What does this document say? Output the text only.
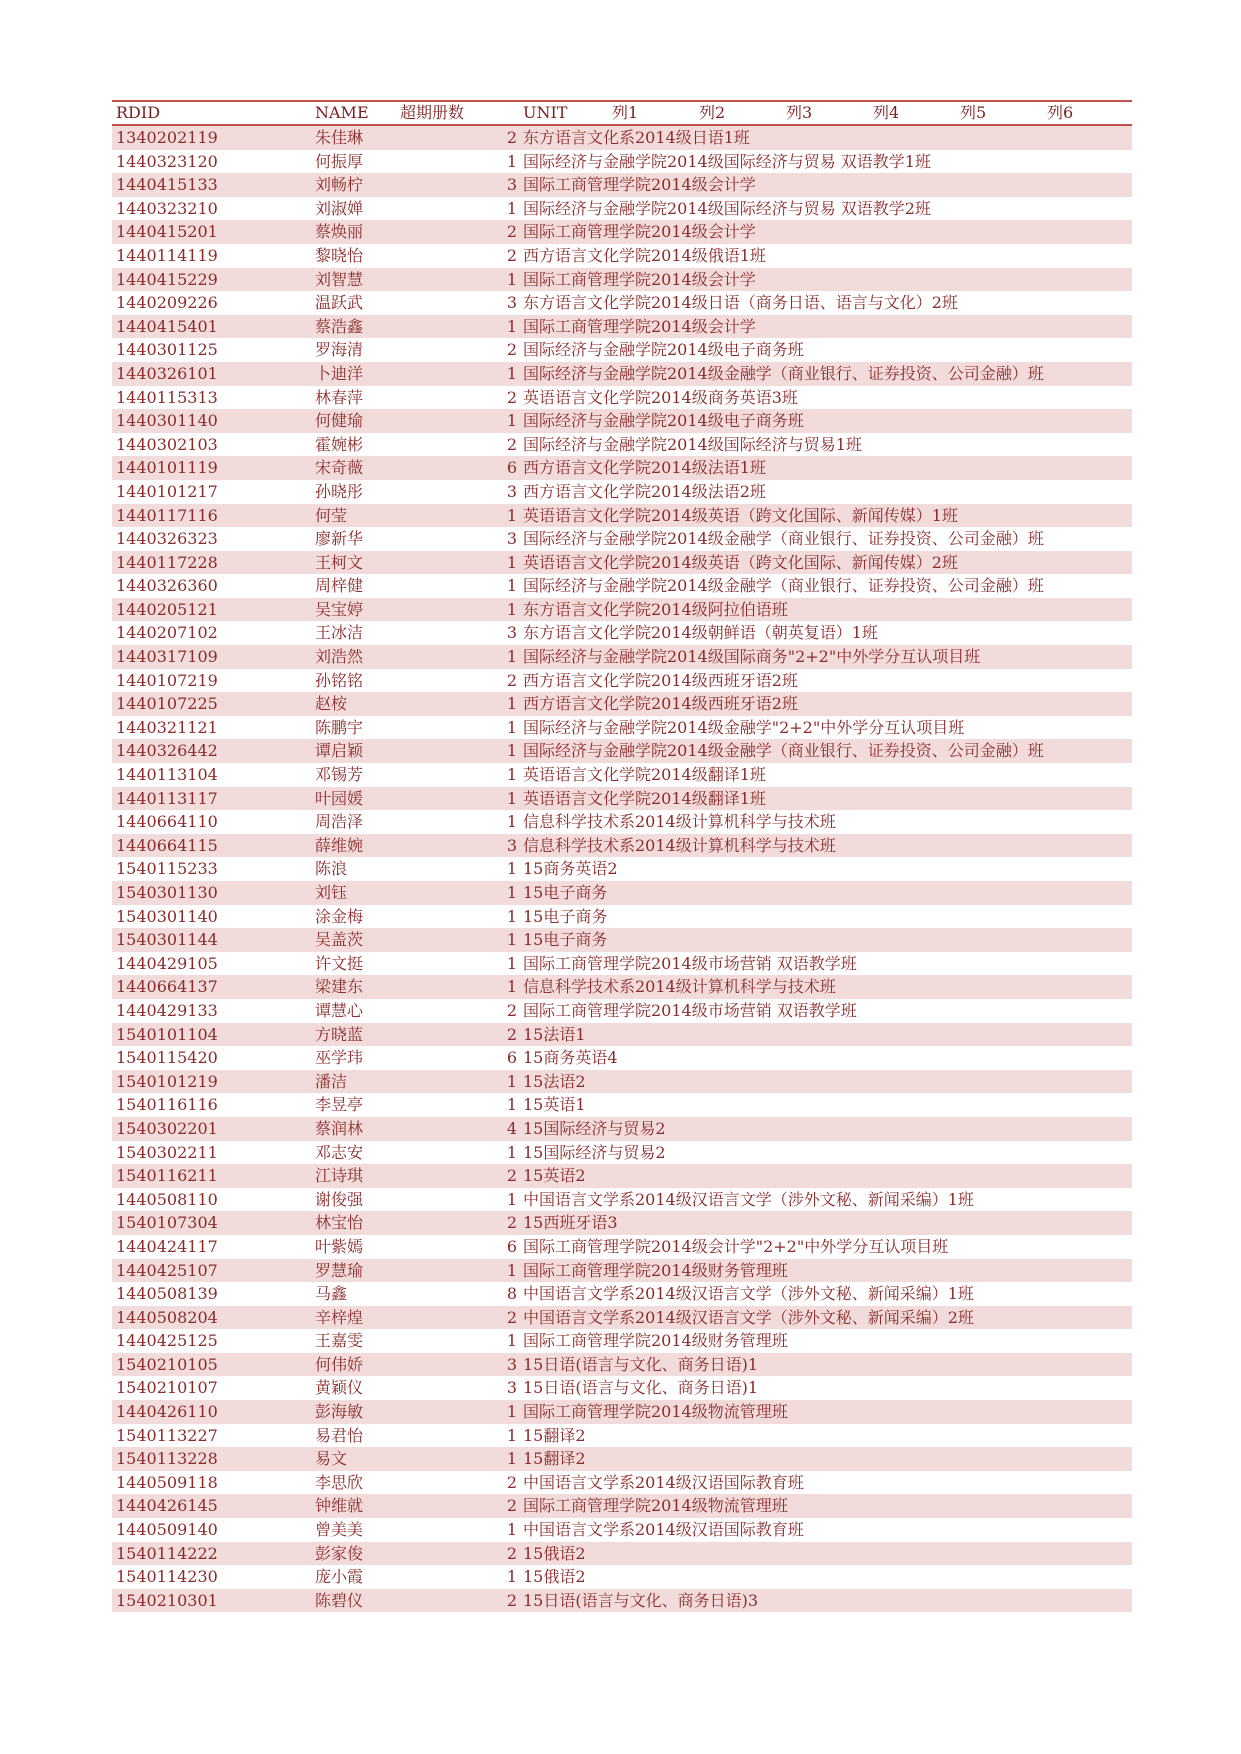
RDID	NAME 超期册数	UNIT	列1	列2	列3	列4	列5	列6
1340202119	朱佳琳	2 东方语言文化系2014级日语1班
1440323120	何振厚	1 国际经济与金融学院2014级国际经济与贸易 双语教学1班
1440415133	刘畅柠	3 国际工商管理学院2014级会计学
1440323210	刘淑婵	1 国际经济与金融学院2014级国际经济与贸易 双语教学2班
1440415201	蔡焕丽	2 国际工商管理学院2014级会计学
1440114119	黎晓怡	2 西方语言文化学院2014级俄语1班
1440415229	刘智慧	1 国际工商管理学院2014级会计学
1440209226	温跃武	3 东方语言文化学院2014级日语（商务日语、语言与文化）2班
1440415401	蔡浩鑫	1 国际工商管理学院2014级会计学
1440301125	罗海清	2 国际经济与金融学院2014级电子商务班
1440326101	卜迪洋	1 国际经济与金融学院2014级金融学（商业银行、证券投资、公司金融）班
1440115313	林春萍	2 英语语言文化学院2014级商务英语3班
1440301140	何健瑜	1 国际经济与金融学院2014级电子商务班
1440302103	霍婉彬	2 国际经济与金融学院2014级国际经济与贸易1班
1440101119	宋奇薇	6 西方语言文化学院2014级法语1班
1440101217	孙晓彤	3 西方语言文化学院2014级法语2班
1440117116	何莹	1 英语语言文化学院2014级英语（跨文化国际、新闻传媒）1班
1440326323	廖新华	3 国际经济与金融学院2014级金融学（商业银行、证券投资、公司金融）班
1440117228	王柯文	1 英语语言文化学院2014级英语（跨文化国际、新闻传媒）2班
1440326360	周梓健	1 国际经济与金融学院2014级金融学（商业银行、证券投资、公司金融）班
1440205121	吴宝婷	1 东方语言文化学院2014级阿拉伯语班
1440207102	王冰洁	3 东方语言文化学院2014级朝鲜语（朝英复语）1班
1440317109	刘浩然	1 国际经济与金融学院2014级国际商务"2+2"中外学分互认项目班
1440107219	孙铭铭	2 西方语言文化学院2014级西班牙语2班
1440107225	赵桉	1 西方语言文化学院2014级西班牙语2班
1440321121	陈鹏宇	1 国际经济与金融学院2014级金融学"2+2"中外学分互认项目班
1440326442	谭启颖	1 国际经济与金融学院2014级金融学（商业银行、证券投资、公司金融）班
1440113104	邓锡芳	1 英语语言文化学院2014级翻译1班
1440113117	叶园媛	1 英语语言文化学院2014级翻译1班
1440664110	周浩泽	1 信息科学技术系2014级计算机科学与技术班
1440664115	薛维婉	3 信息科学技术系2014级计算机科学与技术班
1540115233	陈浪	1 15商务英语2
1540301130	刘钰	1 15电子商务
1540301140	涂金梅	1 15电子商务
1540301144	吴盖茨	1 15电子商务
1440429105	许文挺	1 国际工商管理学院2014级市场营销 双语教学班
1440664137	梁建东	1 信息科学技术系2014级计算机科学与技术班
1440429133	谭慧心	2 国际工商管理学院2014级市场营销 双语教学班
1540101104	方晓蓝	2 15法语1
1540115420	巫学玮	6 15商务英语4
1540101219	潘洁	1 15法语2
1540116116	李昱亭	1 15英语1
1540302201	蔡润林	4 15国际经济与贸易2
1540302211	邓志安	1 15国际经济与贸易2
1540116211	江诗琪	2 15英语2
1440508110	谢俊强	1 中国语言文学系2014级汉语言文学（涉外文秘、新闻采编）1班
1540107304	林宝怡	2 15西班牙语3
1440424117	叶紫嫣	6 国际工商管理学院2014级会计学"2+2"中外学分互认项目班
1440425107	罗慧瑜	1 国际工商管理学院2014级财务管理班
1440508139	马鑫	8 中国语言文学系2014级汉语言文学（涉外文秘、新闻采编）1班
1440508204	辛梓煌	2 中国语言文学系2014级汉语言文学（涉外文秘、新闻采编）2班
1440425125	王嘉雯	1 国际工商管理学院2014级财务管理班
1540210105	何伟娇	3 15日语(语言与文化、商务日语)1
1540210107	黄颖仪	3 15日语(语言与文化、商务日语)1
1440426110	彭海敏	1 国际工商管理学院2014级物流管理班
1540113227	易君怡	1 15翻译2
1540113228	易文	1 15翻译2
1440509118	李思欣	2 中国语言文学系2014级汉语国际教育班
1440426145	钟维就	2 国际工商管理学院2014级物流管理班
1440509140	曾美美	1 中国语言文学系2014级汉语国际教育班
1540114222	彭家俊	2 15俄语2
1540114230	庞小霞	1 15俄语2
1540210301	陈碧仪	2 15日语(语言与文化、商务日语)3
